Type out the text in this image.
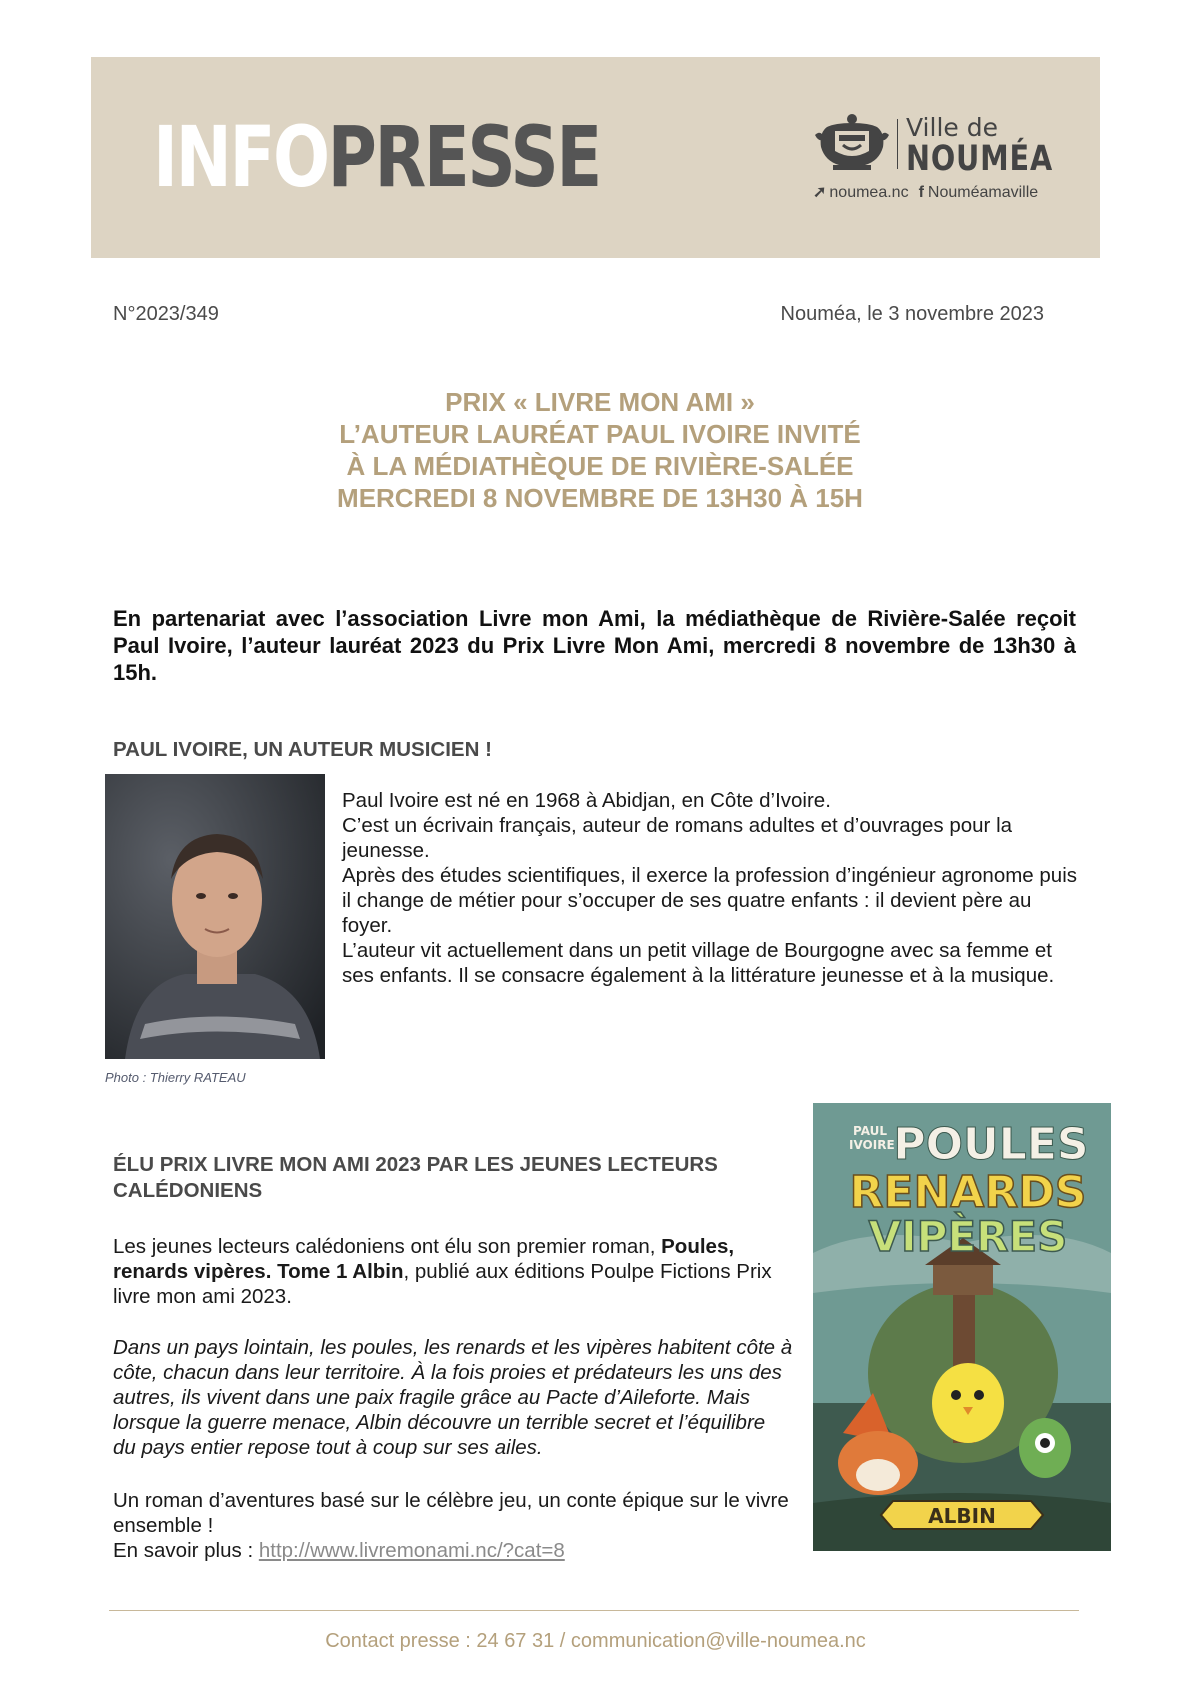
INFOPRESSE	Ville de
NOUMÉA
➚ noumea.nc f Nouméamaville
N°2023/349	Nouméa, le 3 novembre 2023
PRIX « LIVRE MON AMI »
L’AUTEUR LAURÉAT PAUL IVOIRE INVITÉ
À LA MÉDIATHÈQUE DE RIVIÈRE-SALÉE
MERCREDI 8 NOVEMBRE DE 13H30 À 15H
En partenariat avec l’association Livre mon Ami, la médiathèque de Rivière-Salée reçoit Paul Ivoire, l’auteur lauréat 2023 du Prix Livre Mon Ami, mercredi 8 novembre de 13h30 à 15h.
PAUL IVOIRE, UN AUTEUR MUSICIEN !
Photo : Thierry RATEAU

Paul Ivoire est né en 1968 à Abidjan, en Côte d’Ivoire.

C’est un écrivain français, auteur de romans adultes et d’ouvrages pour la jeunesse.

Après des études scientifiques, il exerce la profession d’ingénieur agronome puis il change de métier pour s’occuper de ses quatre enfants : il devient père au foyer.

L’auteur vit actuellement dans un petit village de Bourgogne avec sa femme et ses enfants. Il se consacre également à la littérature jeunesse et à la musique.

ALBIN
PAUL
IVOIRE
POULES
RENARDS
VIPÈRES
ÉLU PRIX LIVRE MON AMI 2023 PAR LES JEUNES LECTEURS CALÉDONIENS

Les jeunes lecteurs calédoniens ont élu son premier roman, Poules, renards vipères. Tome 1 Albin, publié aux éditions Poulpe Fictions Prix livre mon ami 2023.

Dans un pays lointain, les poules, les renards et les vipères habitent côte à côte, chacun dans leur territoire. À la fois proies et prédateurs les uns des autres, ils vivent dans une paix fragile grâce au Pacte d’Aileforte. Mais lorsque la guerre menace, Albin découvre un terrible secret et l’équilibre du pays entier repose tout à coup sur ses ailes.

Un roman d’aventures basé sur le célèbre jeu, un conte épique sur le vivre ensemble !

En savoir plus : http://www.livremonami.nc/?cat=8

Contact presse : 24 67 31 / communication@ville-noumea.nc
